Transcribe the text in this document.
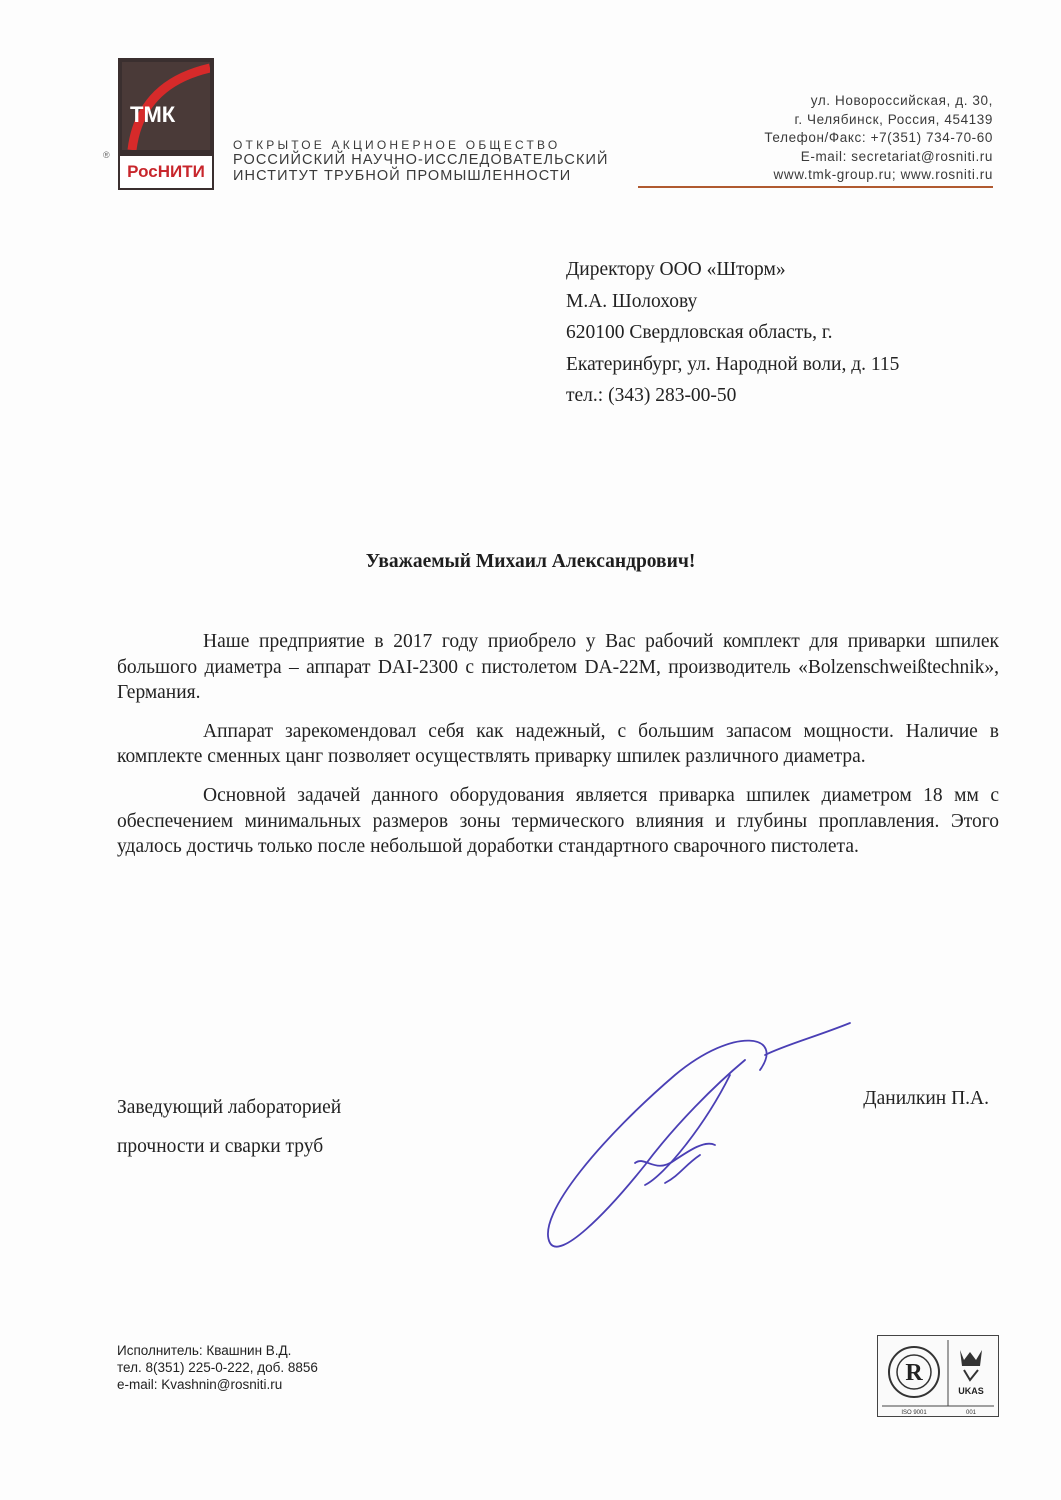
ТМК
РосНИТИ
®
ОТКРЫТОЕ АКЦИОНЕРНОЕ ОБЩЕСТВО
РОССИЙСКИЙ НАУЧНО-ИССЛЕДОВАТЕЛЬСКИЙ
ИНСТИТУТ ТРУБНОЙ ПРОМЫШЛЕННОСТИ
ул. Новороссийская, д. 30,
г. Челябинск, Россия, 454139
Телефон/Факс: +7(351) 734-70-60
E-mail: secretariat@rosniti.ru
www.tmk-group.ru; www.rosniti.ru
Директору ООО «Шторм»
М.А. Шолохову
620100 Свердловская область, г.
Екатеринбург, ул. Народной воли, д. 115
тел.: (343) 283-00-50
Уважаемый Михаил Александрович!

Наше предприятие в 2017 году приобрело у Вас рабочий комплект для приварки шпилек большого диаметра – аппарат DAI-2300 с пистолетом DA-22M, производитель «Bolzenschweißtechnik», Германия.

Аппарат зарекомендовал себя как надежный, с большим запасом мощности. Наличие в комплекте сменных цанг позволяет осуществлять приварку шпилек различного диаметра.

Основной задачей данного оборудования является приварка шпилек диаметром 18 мм с обеспечением минимальных размеров зоны термического влияния и глубины проплавления. Этого удалось достичь только после небольшой доработки стандартного сварочного пистолета.

Заведующий лабораторией
прочности и сварки труб
Данилкин П.А.
Исполнитель: Квашнин В.Д.
тел. 8(351) 225-0-222, доб. 8856
e-mail: Kvashnin@rosniti.ru	R
UKAS
ISO 9001	001
